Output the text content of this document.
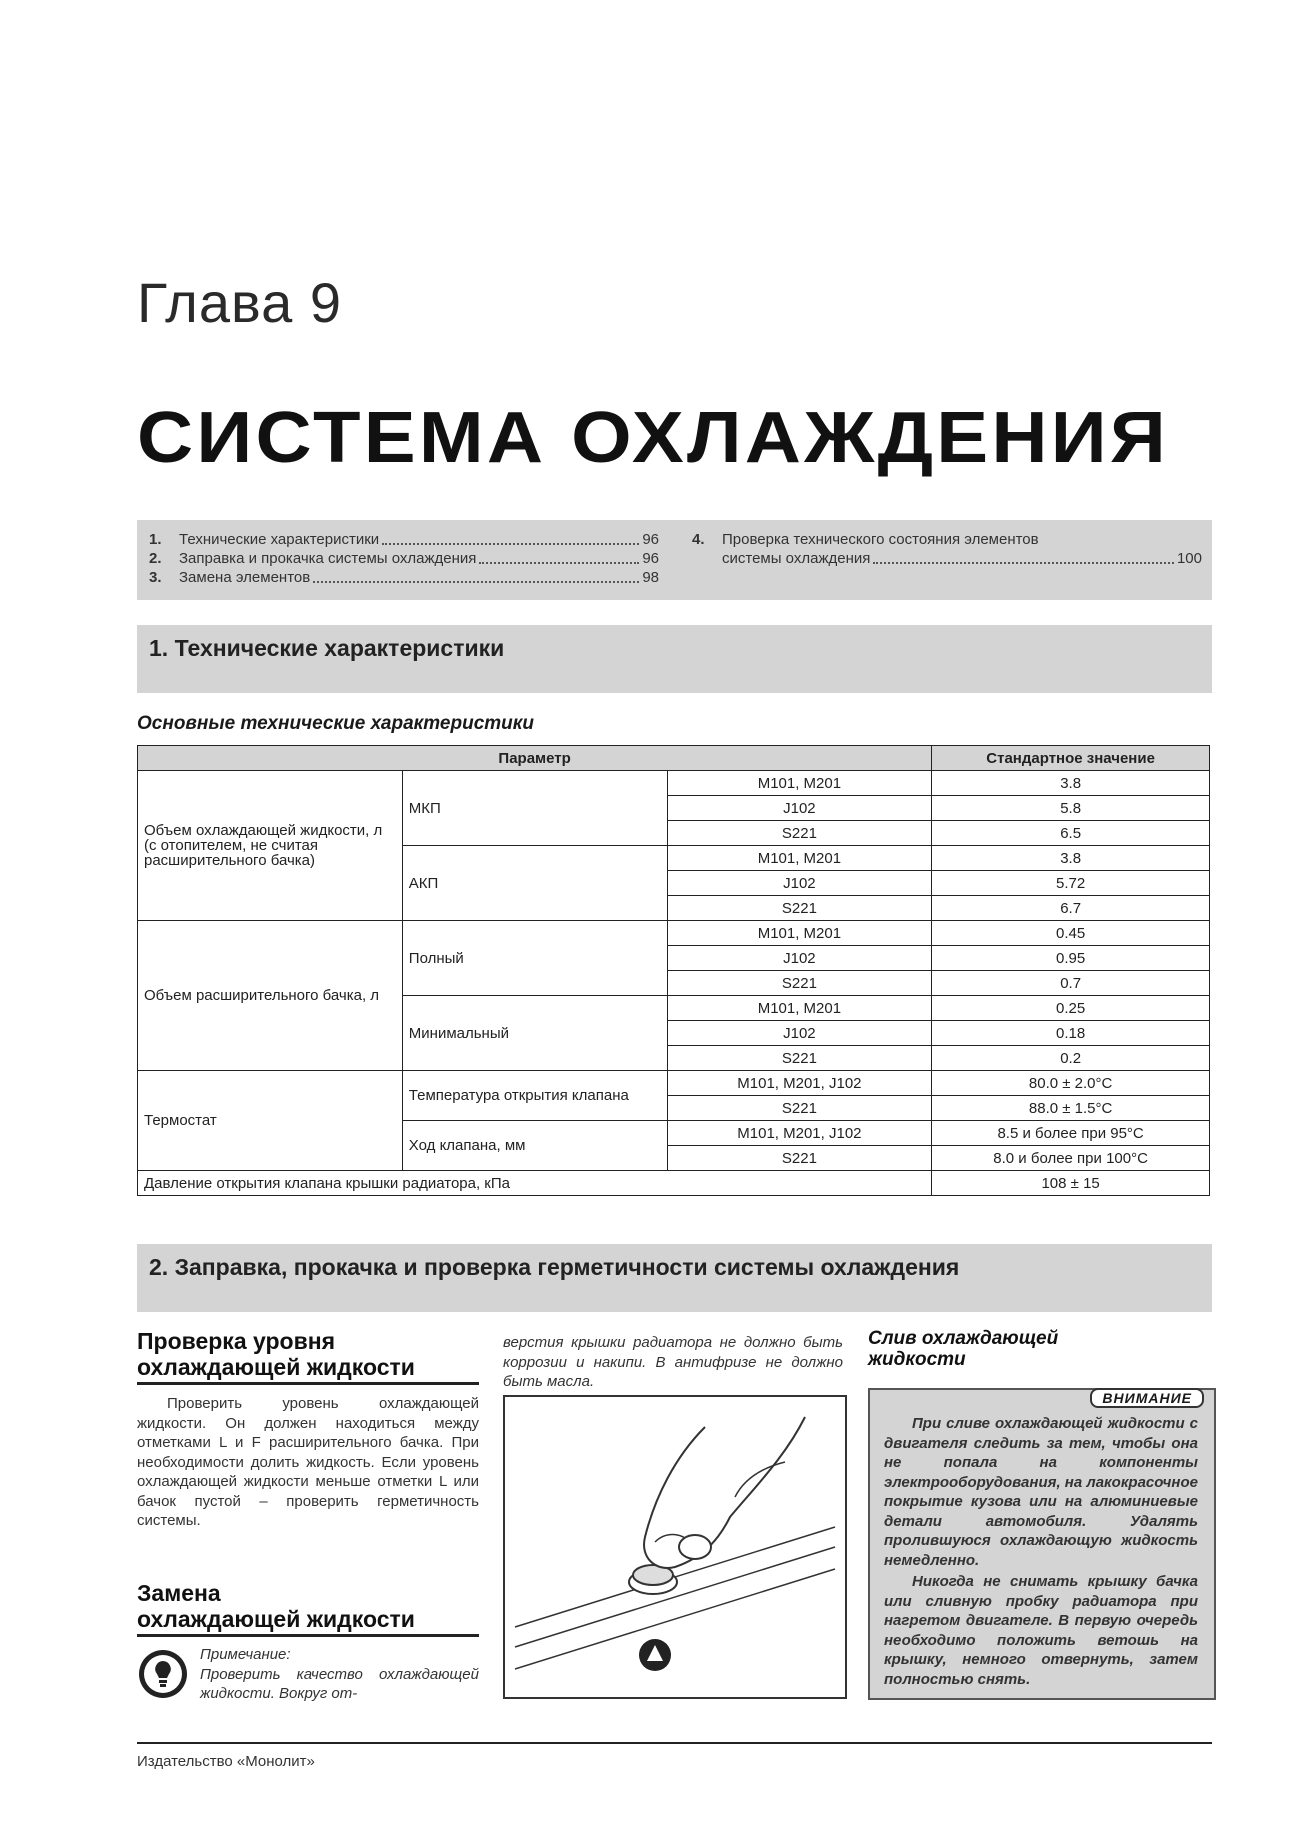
Глава 9
СИСТЕМА ОХЛАЖДЕНИЯ
1.	Технические характеристики	96
2.	Заправка и прокачка системы охлаждения	96
3.	Замена элементов	98
4.	Проверка технического состояния элементов
системы охлаждения	100
1. Технические характеристики
Основные технические характеристики
Параметр			Стандартное значение
Объем охлаждающей жидкости, л (с отопителем, не считая расширительного бачка)	МКП	M101, M201	3.8
		J102	5.8
		S221	6.5
	АКП	M101, M201	3.8
		J102	5.72
		S221	6.7
Объем расширительного бачка, л	Полный	M101, M201	0.45
		J102	0.95
		S221	0.7
	Минимальный	M101, M201	0.25
		J102	0.18
		S221	0.2
Термостат	Температура открытия клапана	M101, M201, J102	80.0 ± 2.0°C
		S221	88.0 ± 1.5°C
	Ход клапана, мм	M101, M201, J102	8.5 и более при 95°C
		S221	8.0 и более при 100°C
Давление открытия клапана крышки радиатора, кПа			108 ± 15
2. Заправка, прокачка и проверка герметичности системы охлаждения
Проверка уровня
охлаждающей жидкости
Проверить уровень охлаждающей жидкости. Он должен находиться между отметками L и F расширительного бачка. При необходимости долить жидкость. Если уровень охлаждающей жидкости меньше отметки L или бачок пустой – проверить герметичность системы.
Замена
охлаждающей жидкости
Примечание:
Проверить качество охлаждающей жидкости. Вокруг от-
верстия крышки радиатора не должно быть коррозии и накипи. В антифризе не должно быть масла.
Слив охлаждающей
жидкости
ВНИМАНИЕ
При сливе охлаждающей жидкости с двигателя следить за тем, чтобы она не попала на компоненты электрооборудования, на лакокрасочное покрытие кузова или на алюминиевые детали автомобиля. Удалять пролившуюся охлаждающую жидкость немедленно.
Никогда не снимать крышку бачка или сливную пробку радиатора при нагретом двигателе. В первую очередь необходимо положить ветошь на крышку, немного отвернуть, затем полностью снять.
Издательство «Монолит»
